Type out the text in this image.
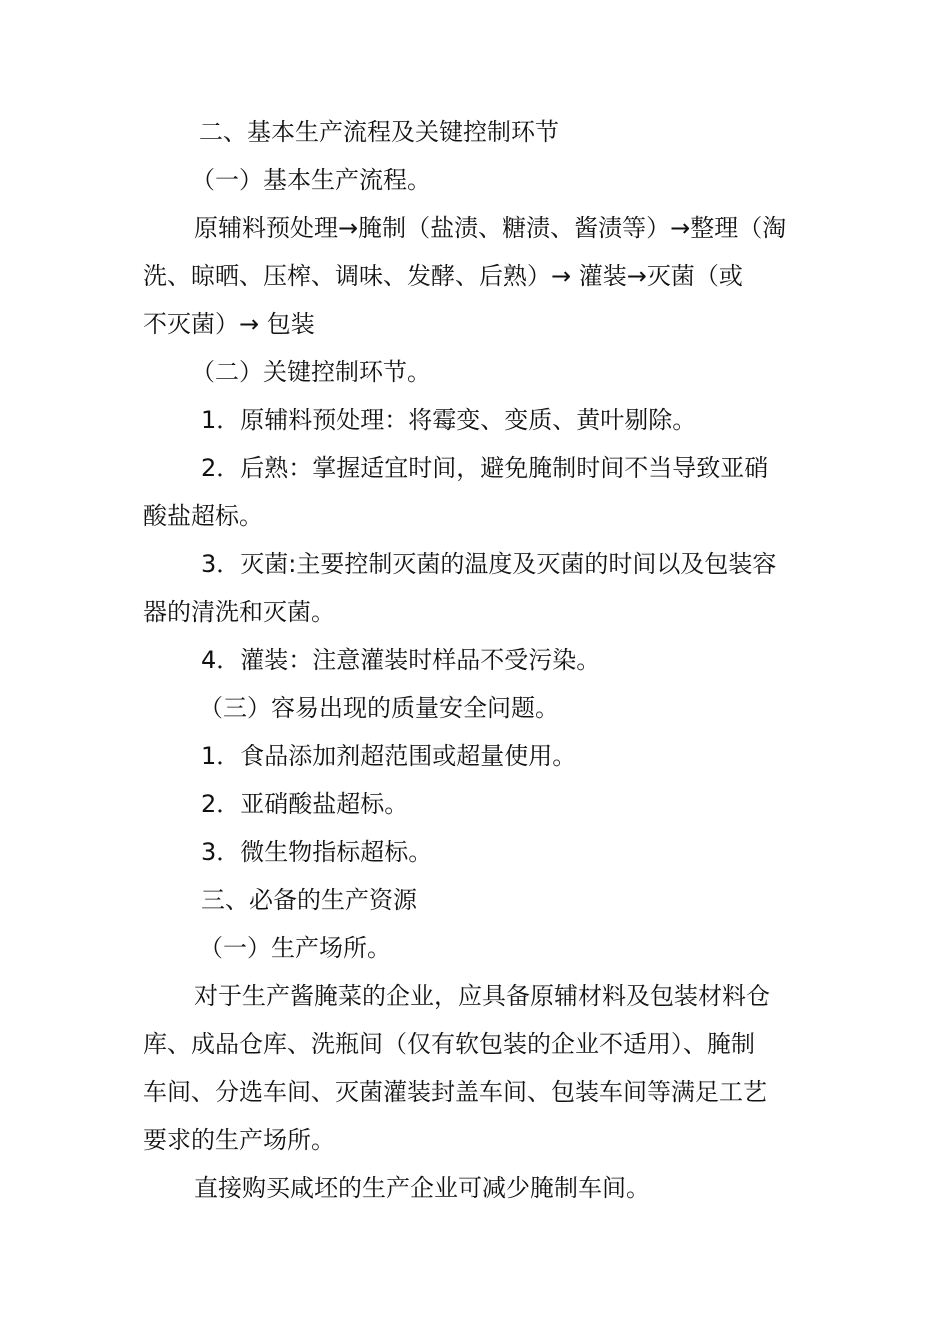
二、基本生产流程及关键控制环节
（一）基本生产流程。
原辅料预处理→腌制（盐渍、糖渍、酱渍等）→整理（淘
洗、晾晒、压榨、调味、发酵、后熟）→ 灌装→灭菌（或
不灭菌）→ 包装
（二）关键控制环节。
1．原辅料预处理：将霉变、变质、黄叶剔除。
2．后熟：掌握适宜时间，避免腌制时间不当导致亚硝
酸盐超标。
3．灭菌:主要控制灭菌的温度及灭菌的时间以及包装容
器的清洗和灭菌。
4．灌装：注意灌装时样品不受污染。
（三）容易出现的质量安全问题。
1．食品添加剂超范围或超量使用。
2．亚硝酸盐超标。
3．微生物指标超标。
三、必备的生产资源
（一）生产场所。
对于生产酱腌菜的企业，应具备原辅材料及包装材料仓
库、成品仓库、洗瓶间（仅有软包装的企业不适用）、腌制
车间、分选车间、灭菌灌装封盖车间、包装车间等满足工艺
要求的生产场所。
直接购买咸坯的生产企业可减少腌制车间。
